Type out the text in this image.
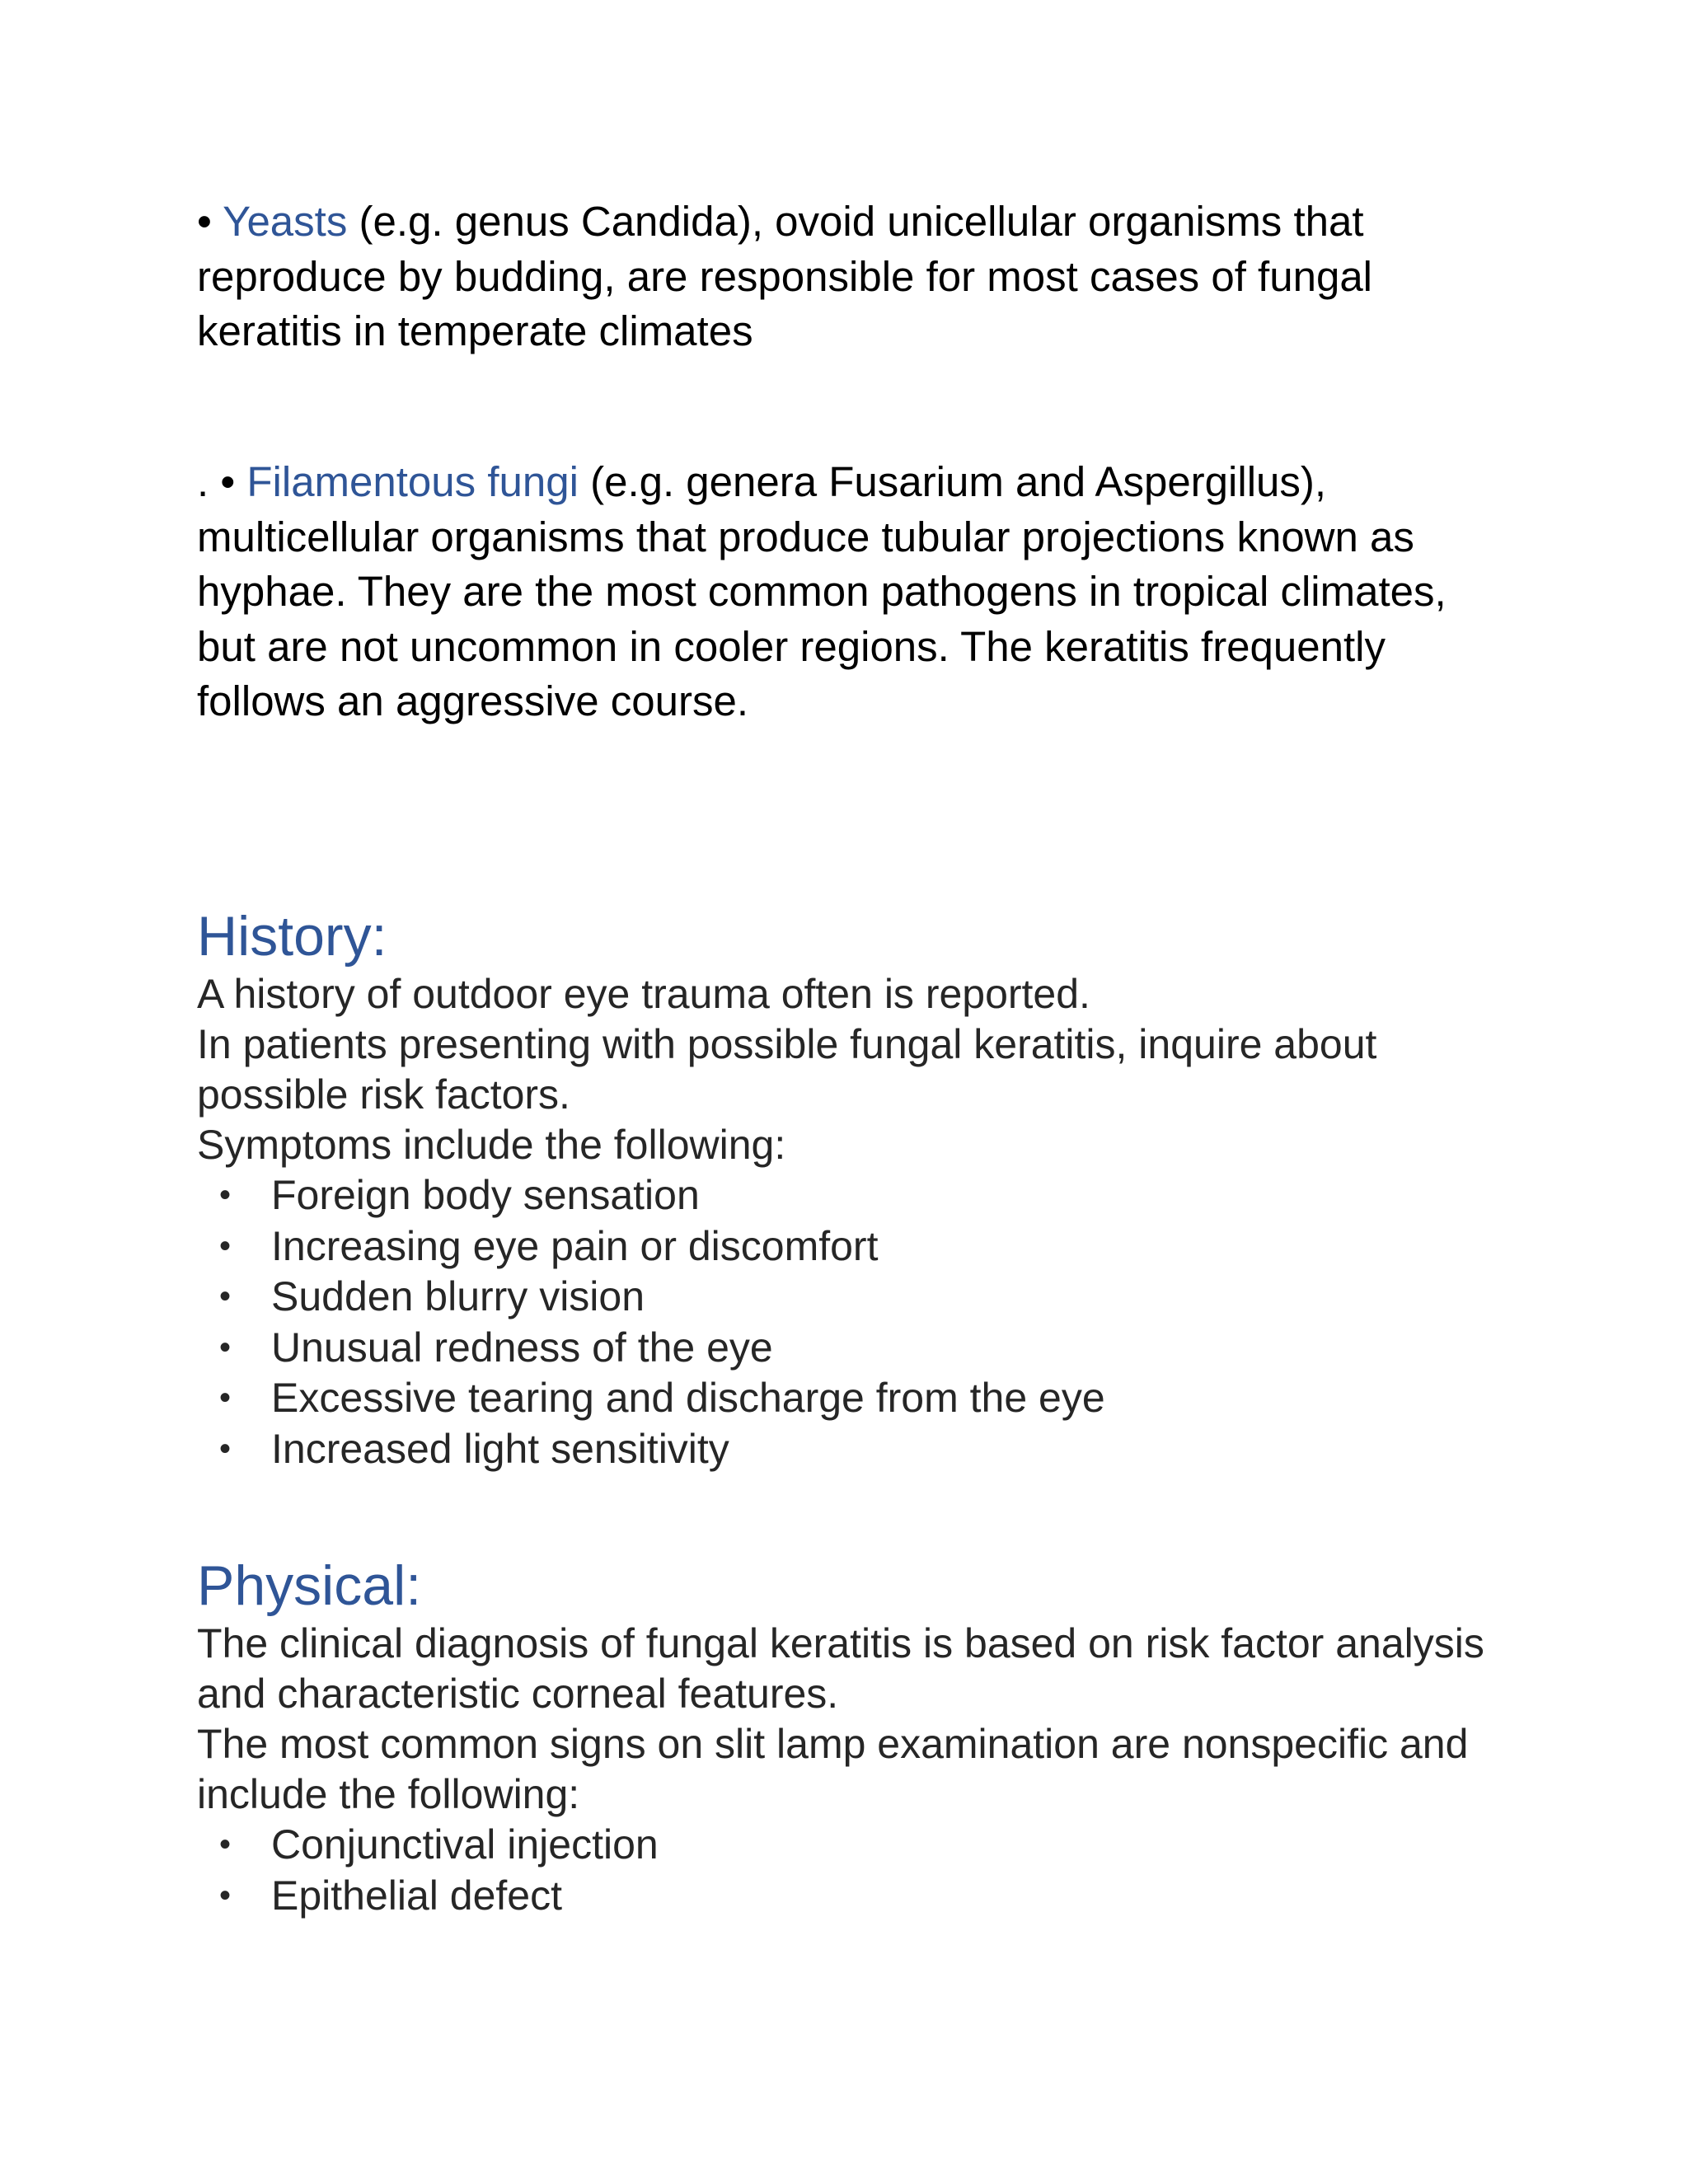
• Yeasts (e.g. genus Candida), ovoid unicellular organisms that reproduce by budding, are responsible for most cases of fungal keratitis in temperate climates

. • Filamentous fungi (e.g. genera Fusarium and Aspergillus), multicellular organisms that produce tubular projections known as hyphae. They are the most common pathogens in tropical climates, but are not uncommon in cooler regions. The keratitis frequently follows an aggressive course.

History:

A history of outdoor eye trauma often is reported.

In patients presenting with possible fungal keratitis, inquire about possible risk factors.

Symptoms include the following:

• Foreign body sensation
• Increasing eye pain or discomfort
• Sudden blurry vision
• Unusual redness of the eye
• Excessive tearing and discharge from the eye
• Increased light sensitivity
Physical:

The clinical diagnosis of fungal keratitis is based on risk factor analysis and characteristic corneal features.

The most common signs on slit lamp examination are nonspecific and include the following:

• Conjunctival injection
• Epithelial defect
